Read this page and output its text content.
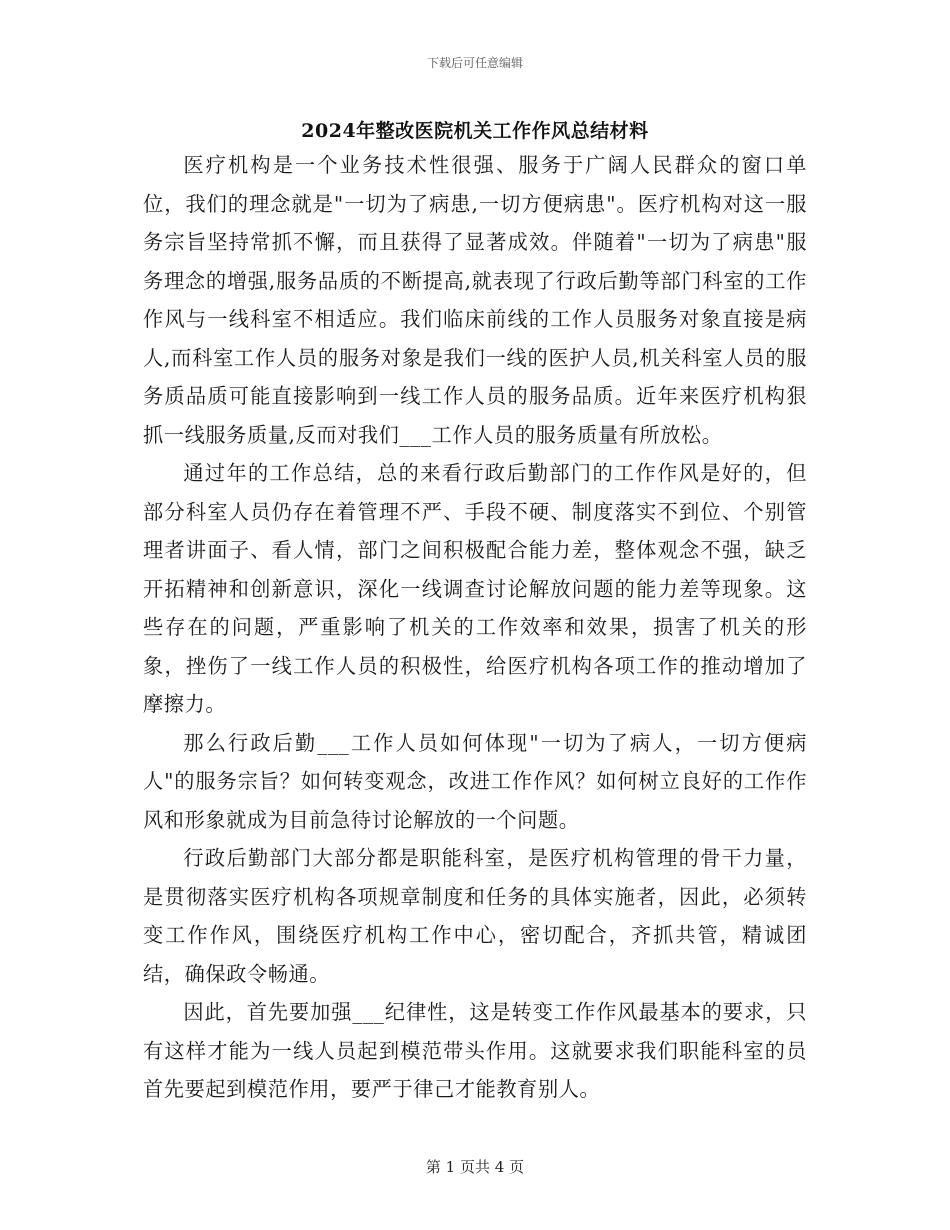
下载后可任意编辑
2024年整改医院机关工作作风总结材料

医疗机构是一个业务技术性很强、服务于广阔人民群众的窗口单位，我们的理念就是"一切为了病患,一切方便病患"。医疗机构对这一服务宗旨坚持常抓不懈，而且获得了显著成效。伴随着"一切为了病患"服务理念的增强,服务品质的不断提高,就表现了行政后勤等部门科室的工作作风与一线科室不相适应。我们临床前线的工作人员服务对象直接是病人,而科室工作人员的服务对象是我们一线的医护人员,机关科室人员的服务质品质可能直接影响到一线工作人员的服务品质。近年来医疗机构狠抓一线服务质量,反而对我们___工作人员的服务质量有所放松。

通过年的工作总结，总的来看行政后勤部门的工作作风是好的，但部分科室人员仍存在着管理不严、手段不硬、制度落实不到位、个别管理者讲面子、看人情，部门之间积极配合能力差，整体观念不强，缺乏开拓精神和创新意识，深化一线调查讨论解放问题的能力差等现象。这些存在的问题，严重影响了机关的工作效率和效果，损害了机关的形象，挫伤了一线工作人员的积极性，给医疗机构各项工作的推动增加了摩擦力。

那么行政后勤___工作人员如何体现"一切为了病人，一切方便病人"的服务宗旨？如何转变观念，改进工作作风？如何树立良好的工作作风和形象就成为目前急待讨论解放的一个问题。

行政后勤部门大部分都是职能科室，是医疗机构管理的骨干力量，是贯彻落实医疗机构各项规章制度和任务的具体实施者，因此，必须转变工作作风，围绕医疗机构工作中心，密切配合，齐抓共管，精诚团结，确保政令畅通。

因此，首先要加强___纪律性，这是转变工作作风最基本的要求，只有这样才能为一线人员起到模范带头作用。这就要求我们职能科室的员首先要起到模范作用，要严于律己才能教育别人。

第 1 页共 4 页
